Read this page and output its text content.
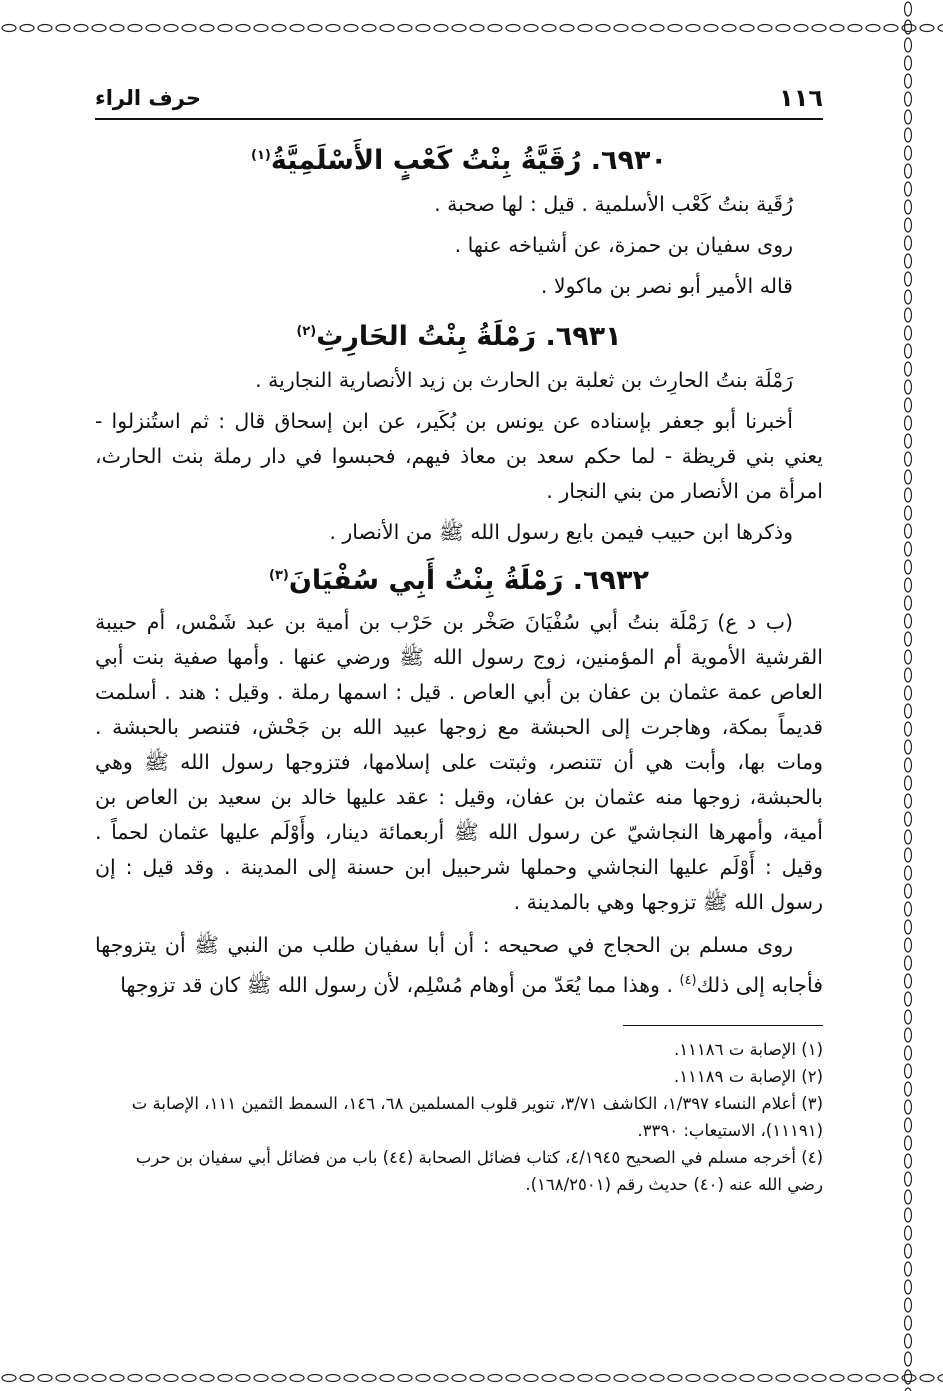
١١٦
حرف الراء
٦٩٣٠. رُقَيَّةُ بِنْتُ كَعْبٍ الأَسْلَمِيَّةُ$^{(١)}$

رُقَية بنتُ كَعْب الأسلمية . قيل : لها صحبة .

روى سفيان بن حمزة، عن أشياخه عنها .

قاله الأمير أبو نصر بن ماكولا .

٦٩٣١. رَمْلَةُ بِنْتُ الحَارِثِ$^{(٢)}$

رَمْلَة بنتُ الحارِث بن ثعلبة بن الحارث بن زيد الأنصارية النجارية .

أخبرنا أبو جعفر بإسناده عن يونس بن بُكَير، عن ابن إسحاق قال : ثم استُنزلوا - يعني بني قريظة - لما حكم سعد بن معاذ فيهم، فحبسوا في دار رملة بنت الحارث، امرأة من الأنصار من بني النجار .

وذكرها ابن حبيب فيمن بايع رسول الله ﷺ من الأنصار .

٦٩٣٢. رَمْلَةُ بِنْتُ أَبِي سُفْيَانَ$^{(٣)}$

(ب د ع) رَمْلَة بنتُ أبي سُفْيَانَ صَخْر بن حَرْب بن أمية بن عبد شَمْس، أم حبيبة القرشية الأموية أم المؤمنين، زوج رسول الله ﷺ ورضي عنها . وأمها صفية بنت أبي العاص عمة عثمان بن عفان بن أبي العاص . قيل : اسمها رملة . وقيل : هند . أسلمت قديماً بمكة، وهاجرت إلى الحبشة مع زوجها عبيد الله بن جَحْش، فتنصر بالحبشة . ومات بها، وأبت هي أن تتنصر، وثبتت على إسلامها، فتزوجها رسول الله ﷺ وهي بالحبشة، زوجها منه عثمان بن عفان، وقيل : عقد عليها خالد بن سعيد بن العاص بن أمية، وأمهرها النجاشيّ عن رسول الله ﷺ أربعمائة دينار، وأَوْلَم عليها عثمان لحماً . وقيل : أَوْلَم عليها النجاشي وحملها شرحبيل ابن حسنة إلى المدينة . وقد قيل : إن رسول الله ﷺ تزوجها وهي بالمدينة .

روى مسلم بن الحجاج في صحيحه : أن أبا سفيان طلب من النبي ﷺ أن يتزوجها فأجابه إلى ذلك$^{(٤)}$ . وهذا مما يُعَدّ من أوهام مُسْلِم، لأن رسول الله ﷺ كان قد تزوجها

(١) الإصابة ت ١١١٨٦.

(٢) الإصابة ت ١١١٨٩.

(٣) أعلام النساء ١/٣٩٧، الكاشف ٣/٧١، تنوير قلوب المسلمين ٦٨، ١٤٦، السمط الثمين ١١١، الإصابة ت (١١١٩١)، الاستيعاب: ٣٣٩٠.

(٤) أخرجه مسلم في الصحيح ٤/١٩٤٥، كتاب فضائل الصحابة (٤٤) باب من فضائل أبي سفيان بن حرب رضي الله عنه (٤٠) حديث رقم (١٦٨/٢٥٠١).
